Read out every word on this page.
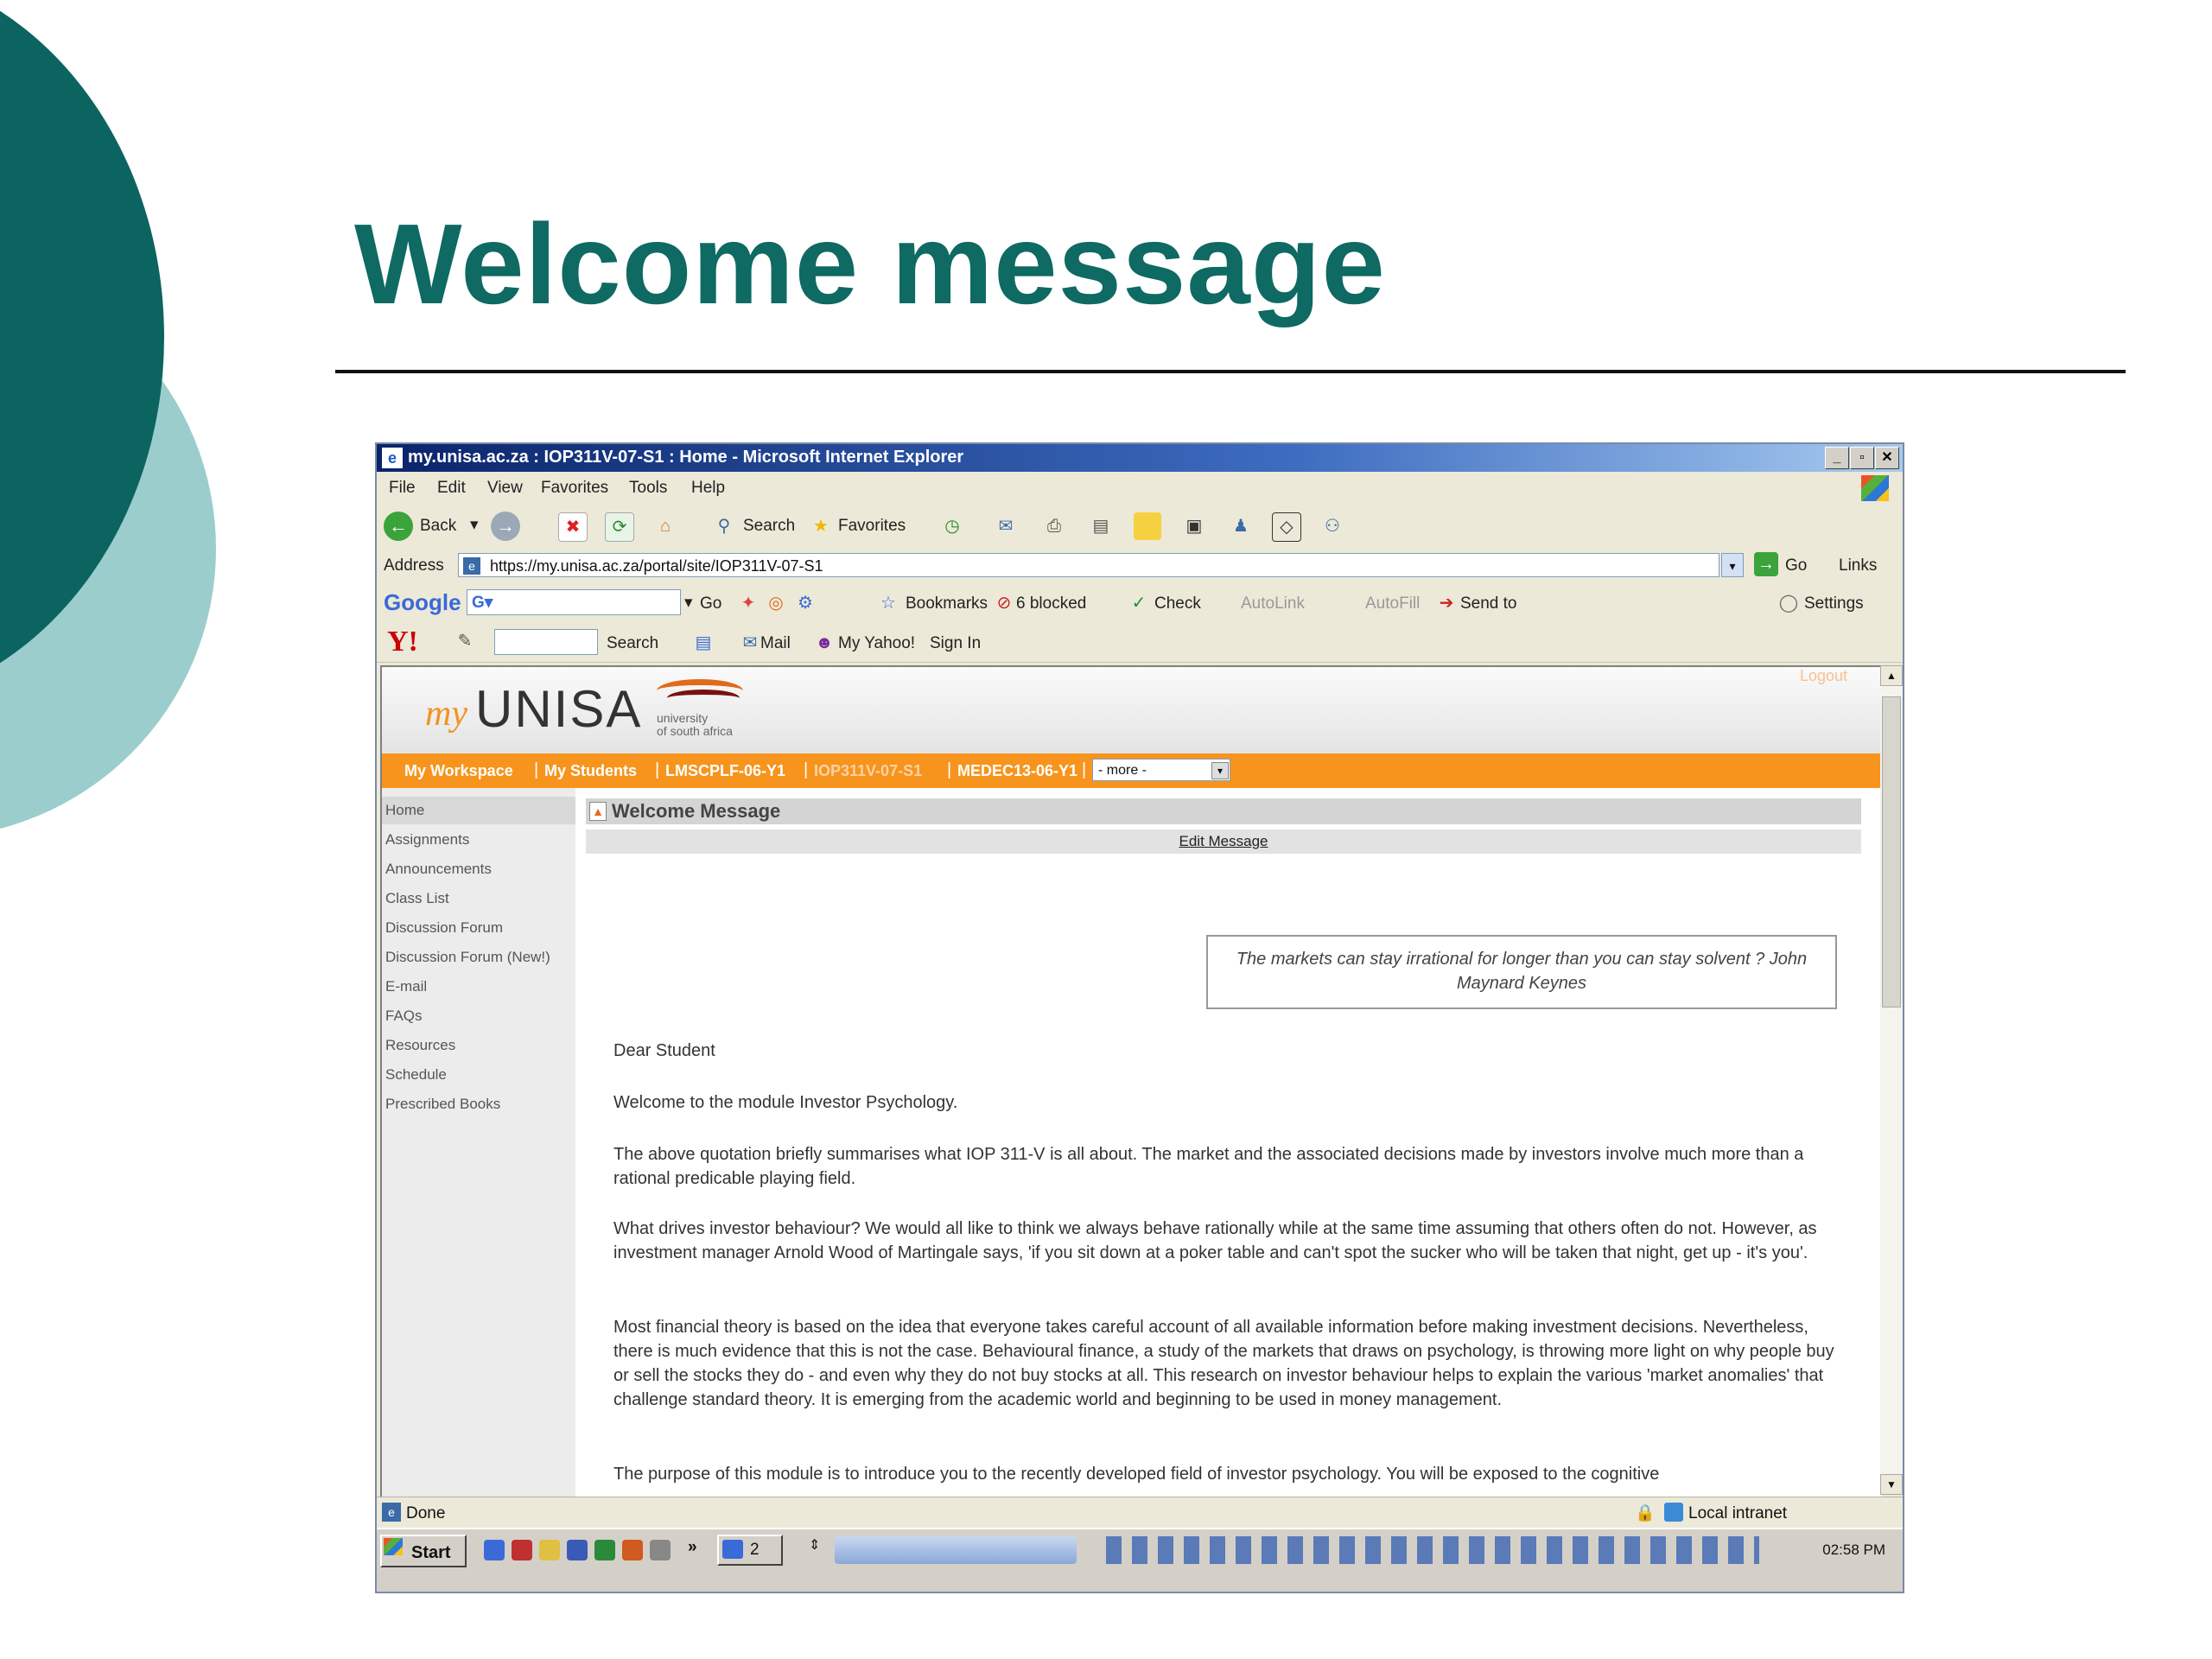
Welcome message
e my.unisa.ac.za : IOP311V-07-S1 : Home - Microsoft Internet Explorer	_	▫	✕
File Edit View Favorites Tools Help
← Back ▾ →	✖	⟳	⌂	⚲ Search	★ Favorites	◷	✉	⎙	▤	▣	♟	◇	⚇
Address	https://my.unisa.ac.za/portal/site/IOP311V-07-S1
e	▾	→ Go Links
Google G▾	▾ Go	✦ ◎ ⚙	☆ Bookmarks ⊘ 6 blocked	✓ Check AutoLink	AutoFill	➔ Send to	◯ Settings
Y!	✎	Search	▤	✉ Mail ☻ My Yahoo! Sign In
my UNISA university
of south africa
Logout
My Workspace | My Students | LMSCPLF-06-Y1 | IOP311V-07-S1 | MEDEC13-06-Y1 | - more -	▾
Home
Assignments
Announcements
Class List
Discussion Forum
Discussion Forum (New!)
E-mail
FAQs
Resources
Schedule
Prescribed Books
▲ Welcome Message
Edit Message
The markets can stay irrational for longer than you can stay solvent ? John Maynard Keynes
Dear Student
Welcome to the module Investor Psychology.
The above quotation briefly summarises what IOP 311-V is all about. The market and the associated decisions made by investors involve much more than a rational predicable playing field.
What drives investor behaviour? We would all like to think we always behave rationally while at the same time assuming that others often do not. However, as investment manager Arnold Wood of Martingale says, 'if you sit down at a poker table and can't spot the sucker who will be taken that night, get up - it's you'.
Most financial theory is based on the idea that everyone takes careful account of all available information before making investment decisions. Nevertheless, there is much evidence that this is not the case. Behavioural finance, a study of the markets that draws on psychology, is throwing more light on why people buy or sell the stocks they do - and even why they do not buy stocks at all. This research on investor behaviour helps to explain the various 'market anomalies' that challenge standard theory. It is emerging from the academic world and beginning to be used in money management.
The purpose of this module is to introduce you to the recently developed field of investor psychology. You will be exposed to the cognitive
▲
▼
e Done	🔒 Local intranet
Start	»	2	⇕	02:58 PM
